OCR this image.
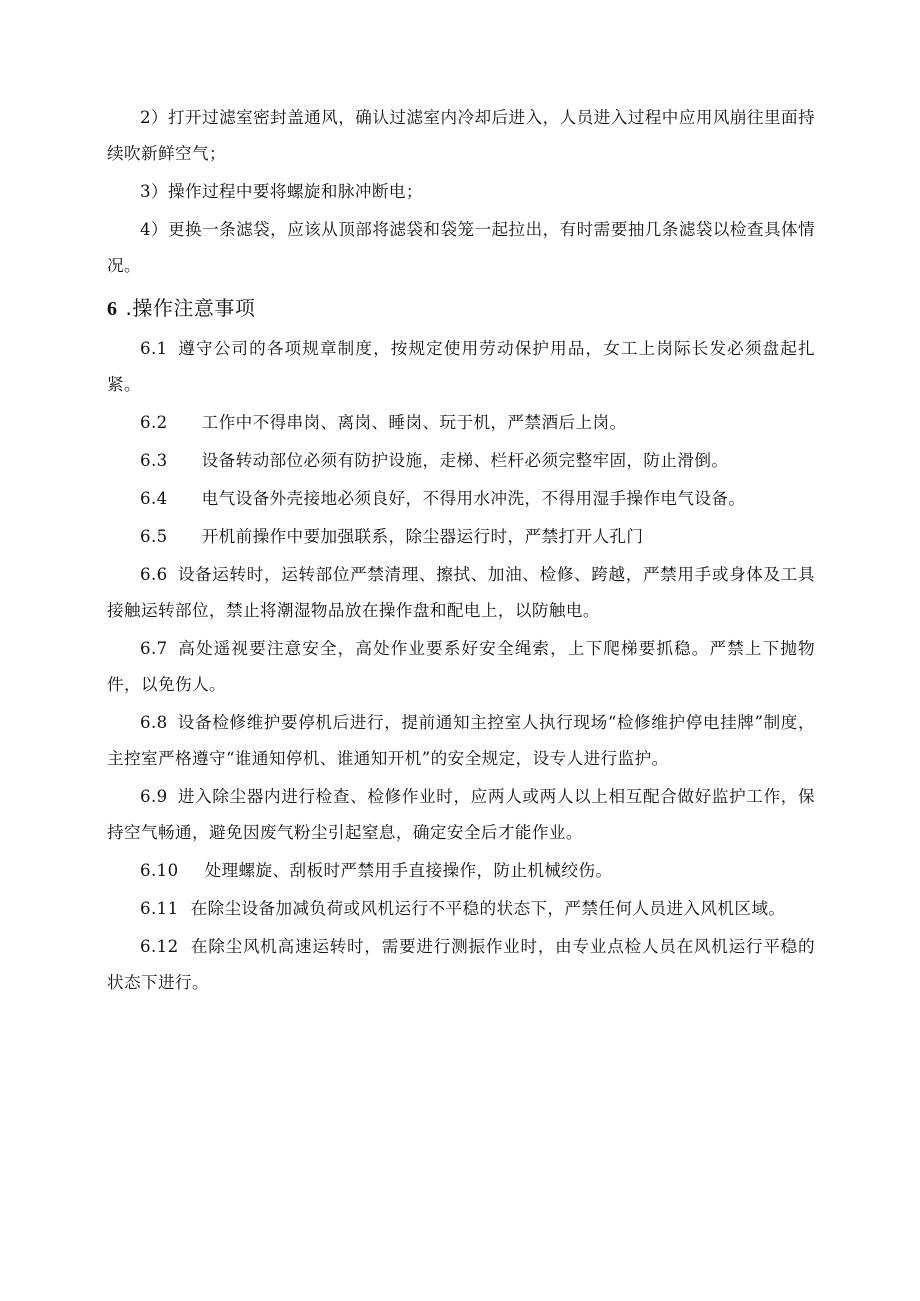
2）打开过滤室密封盖通风，确认过滤室内冷却后进入，人员进入过程中应用风崩往里面持续吹新鲜空气；

3）操作过程中要将螺旋和脉冲断电；

4）更换一条滤袋，应该从顶部将滤袋和袋笼一起拉出，有时需要抽几条滤袋以检查具体情况。

6 .操作注意事项

6.1 遵守公司的各项规章制度，按规定使用劳动保护用品，女工上岗际长发必须盘起扎紧。

6.2 工作中不得串岗、离岗、睡岗、玩于机，严禁酒后上岗。

6.3 设备转动部位必须有防护设施，走梯、栏杆必须完整牢固，防止滑倒。

6.4 电气设备外壳接地必须良好，不得用水冲洗，不得用湿手操作电气设备。

6.5 开机前操作中要加强联系，除尘器运行时，严禁打开人孔门

6.6 设备运转时，运转部位严禁清理、擦拭、加油、检修、跨越，严禁用手或身体及工具接触运转部位，禁止将潮湿物品放在操作盘和配电上，以防触电。

6.7 高处遥视要注意安全，高处作业要系好安全绳索，上下爬梯要抓稳。严禁上下抛物件，以免伤人。

6.8 设备检修维护要停机后进行，提前通知主控室人执行现场“检修维护停电挂牌”制度，主控室严格遵守“谁通知停机、谁通知开机”的安全规定，设专人进行监护。

6.9 进入除尘器内进行检查、检修作业时，应两人或两人以上相互配合做好监护工作，保持空气畅通，避免因废气粉尘引起窒息，确定安全后才能作业。

6.10 处理螺旋、刮板时严禁用手直接操作，防止机械绞伤。

6.11 在除尘设备加减负荷或风机运行不平稳的状态下，严禁任何人员进入风机区域。

6.12 在除尘风机高速运转时，需要进行测振作业时，由专业点检人员在风机运行平稳的状态下进行。
